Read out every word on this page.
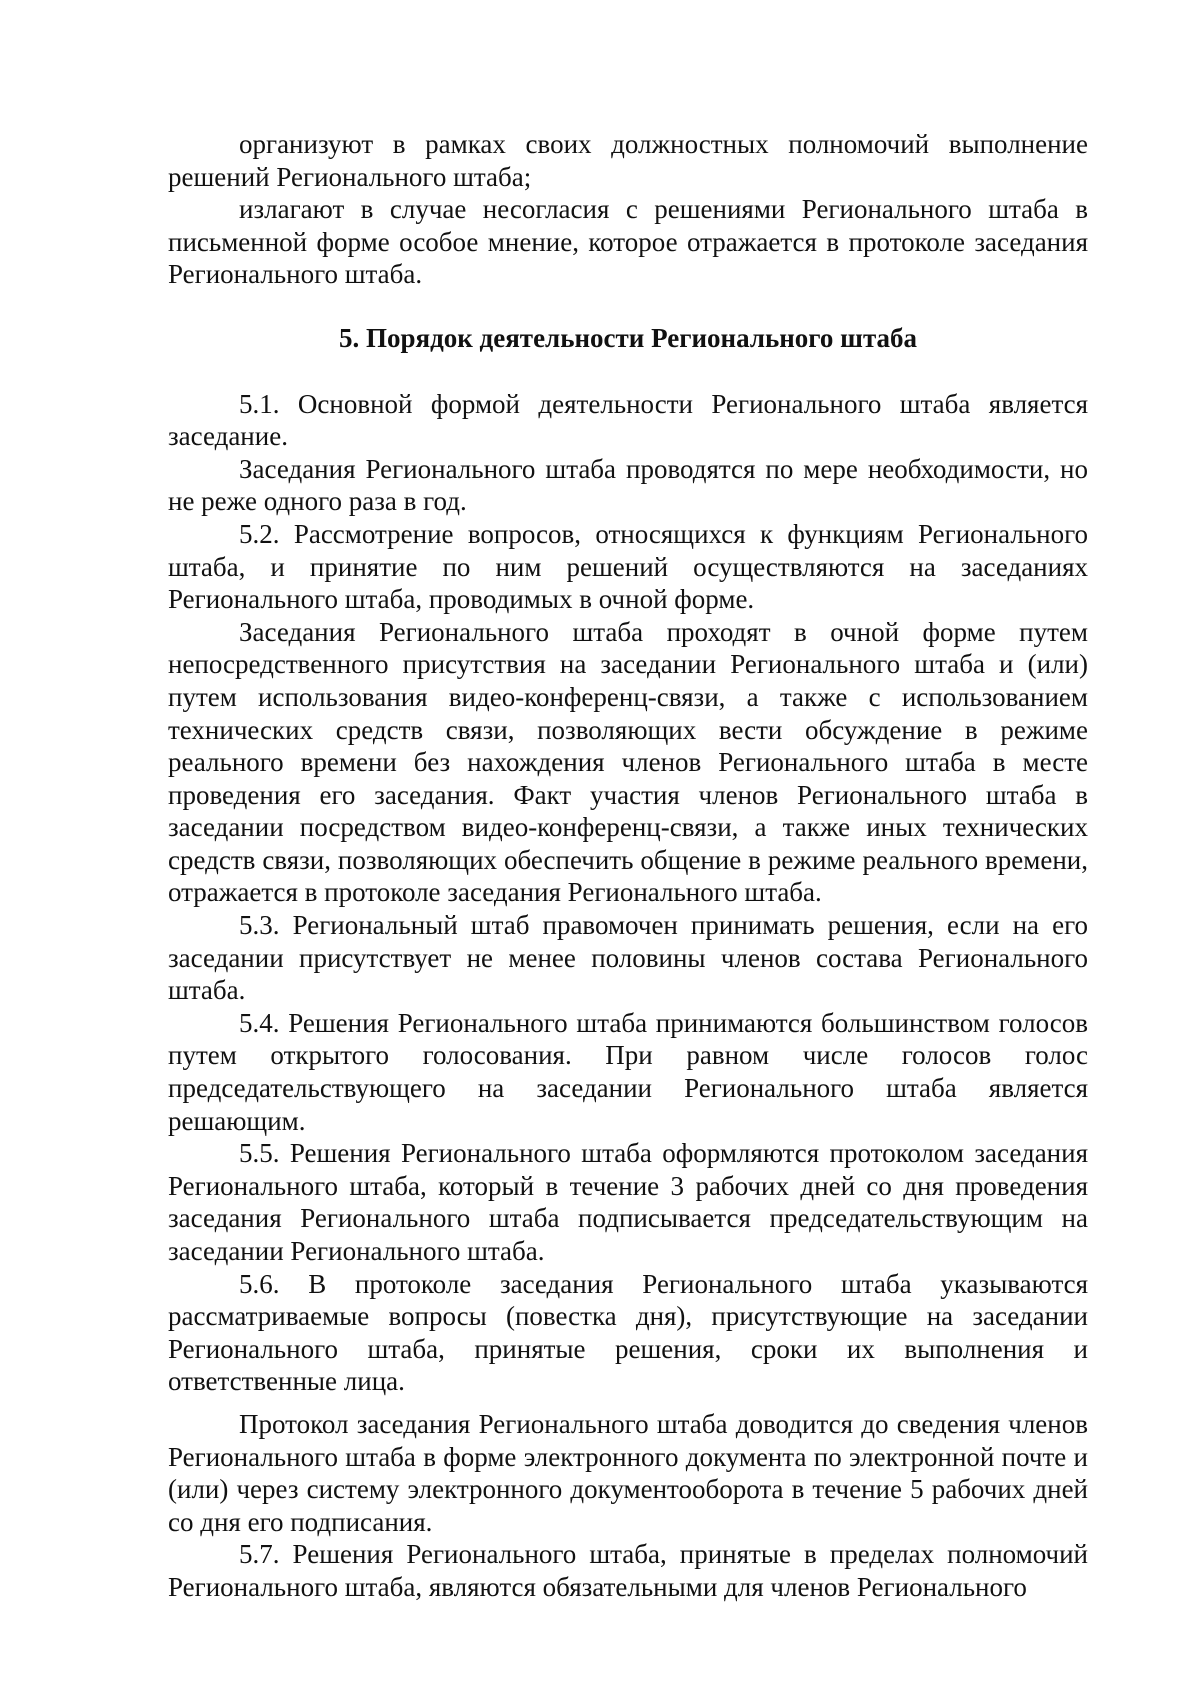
организуют в рамках своих должностных полномочий выполнение решений Регионального штаба;

излагают в случае несогласия с решениями Регионального штаба в письменной форме особое мнение, которое отражается в протоколе заседания Регионального штаба.

5. Порядок деятельности Регионального штаба

5.1. Основной формой деятельности Регионального штаба является заседание.

Заседания Регионального штаба проводятся по мере необходимости, но не реже одного раза в год.

5.2. Рассмотрение вопросов, относящихся к функциям Регионального штаба, и принятие по ним решений осуществляются на заседаниях Регионального штаба, проводимых в очной форме.

Заседания Регионального штаба проходят в очной форме путем непосредственного присутствия на заседании Регионального штаба и (или) путем использования видео-конференц-связи, а также с использованием технических средств связи, позволяющих вести обсуждение в режиме реального времени без нахождения членов Регионального штаба в месте проведения его заседания. Факт участия членов Регионального штаба в заседании посредством видео-конференц-связи, а также иных технических средств связи, позволяющих обеспечить общение в режиме реального времени, отражается в протоколе заседания Регионального штаба.

5.3. Региональный штаб правомочен принимать решения, если на его заседании присутствует не менее половины членов состава Регионального штаба.

5.4. Решения Регионального штаба принимаются большинством голосов путем открытого голосования. При равном числе голосов голос председательствующего на заседании Регионального штаба является решающим.

5.5. Решения Регионального штаба оформляются протоколом заседания Регионального штаба, который в течение 3 рабочих дней со дня проведения заседания Регионального штаба подписывается председательствующим на заседании Регионального штаба.

5.6. В протоколе заседания Регионального штаба указываются рассматриваемые вопросы (повестка дня), присутствующие на заседании Регионального штаба, принятые решения, сроки их выполнения и ответственные лица.

Протокол заседания Регионального штаба доводится до сведения членов Регионального штаба в форме электронного документа по электронной почте и (или) через систему электронного документооборота в течение 5 рабочих дней со дня его подписания.

5.7. Решения Регионального штаба, принятые в пределах полномочий Регионального штаба, являются обязательными для членов Регионального
